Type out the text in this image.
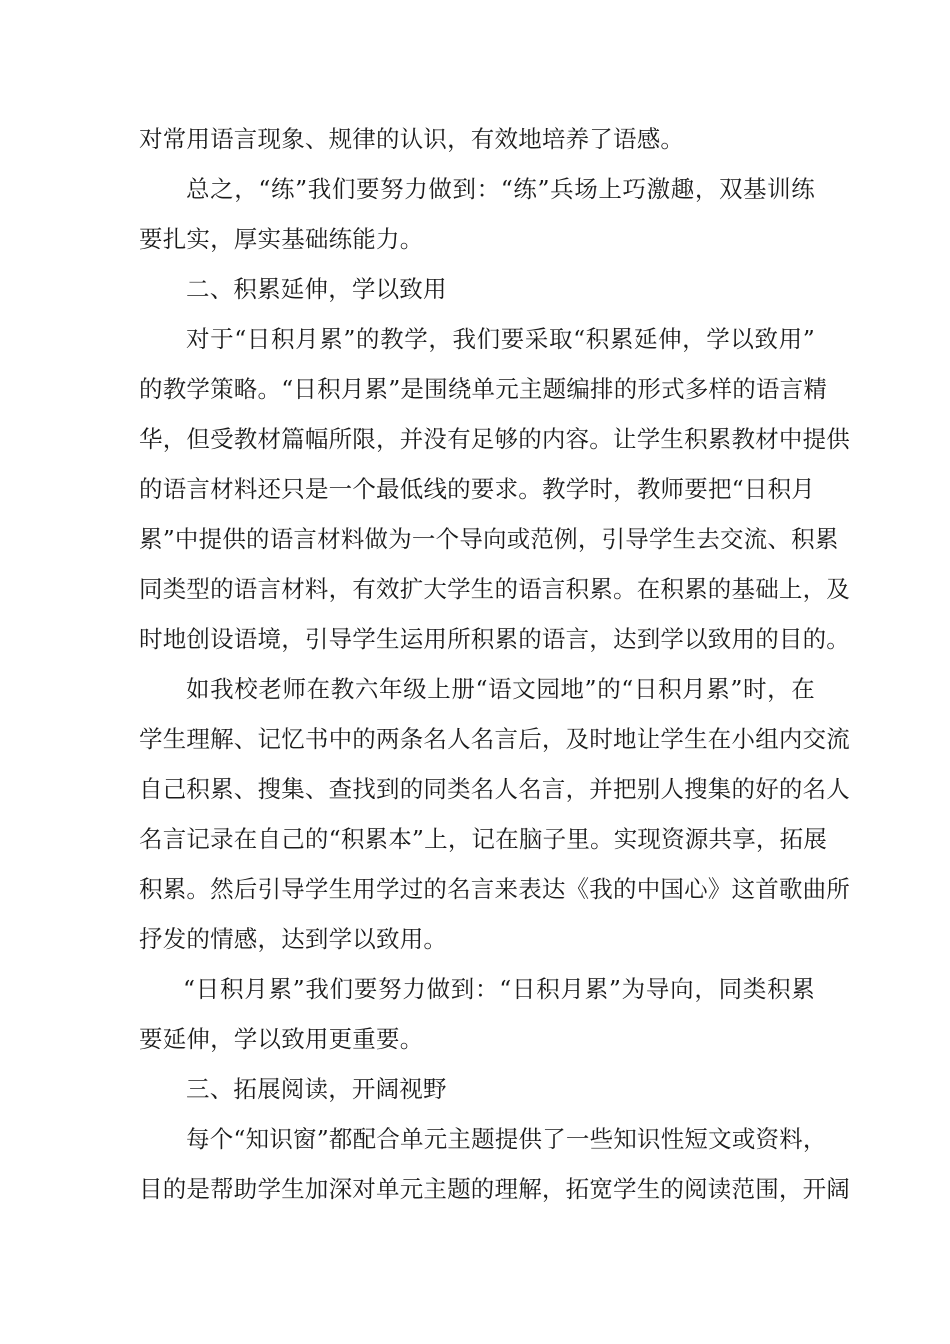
对常用语言现象、规律的认识，有效地培养了语感。
总之，“练”我们要努力做到：“练”兵场上巧激趣，双基训练
要扎实，厚实基础练能力。
二、积累延伸，学以致用
对于“日积月累”的教学，我们要采取“积累延伸，学以致用”
的教学策略。“日积月累”是围绕单元主题编排的形式多样的语言精
华，但受教材篇幅所限，并没有足够的内容。让学生积累教材中提供
的语言材料还只是一个最低线的要求。教学时，教师要把“日积月
累”中提供的语言材料做为一个导向或范例，引导学生去交流、积累
同类型的语言材料，有效扩大学生的语言积累。在积累的基础上，及
时地创设语境，引导学生运用所积累的语言，达到学以致用的目的。
如我校老师在教六年级上册“语文园地”的“日积月累”时，在
学生理解、记忆书中的两条名人名言后，及时地让学生在小组内交流
自己积累、搜集、查找到的同类名人名言，并把别人搜集的好的名人
名言记录在自己的“积累本”上，记在脑子里。实现资源共享，拓展
积累。然后引导学生用学过的名言来表达《我的中国心》这首歌曲所
抒发的情感，达到学以致用。
“日积月累”我们要努力做到：“日积月累”为导向，同类积累
要延伸，学以致用更重要。
三、拓展阅读，开阔视野
每个“知识窗”都配合单元主题提供了一些知识性短文或资料，
目的是帮助学生加深对单元主题的理解，拓宽学生的阅读范围，开阔
